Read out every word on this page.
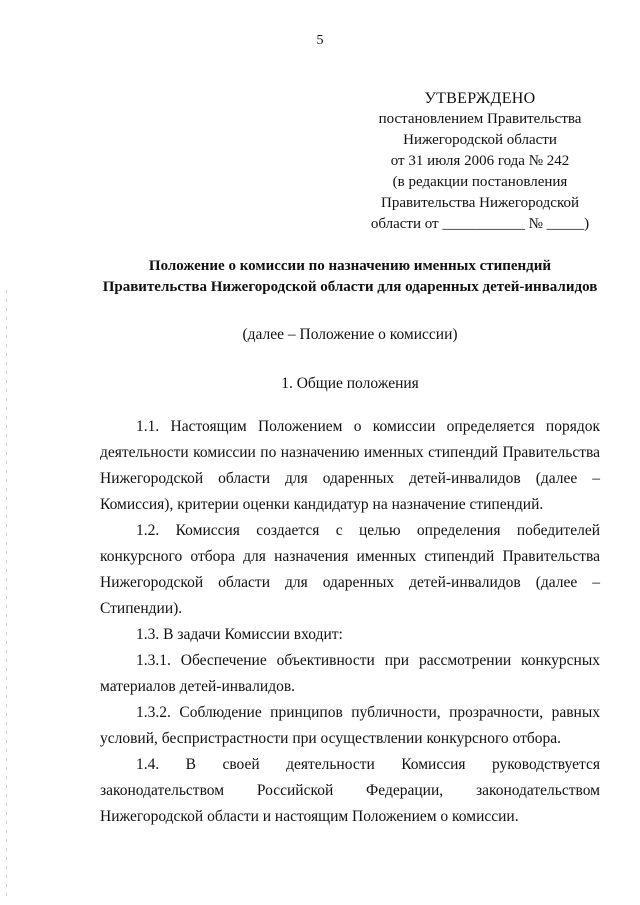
5
УТВЕРЖДЕНО
постановлением Правительства
Нижегородской области
от 31 июля 2006 года № 242
(в редакции постановления
Правительства Нижегородской
области от ___________ № _____)
Положение о комиссии по назначению именных стипендий
Правительства Нижегородской области для одаренных детей-инвалидов
(далее – Положение о комиссии)
1. Общие положения

1.1. Настоящим Положением о комиссии определяется порядок деятельности комиссии по назначению именных стипендий Правительства Нижегородской области для одаренных детей-инвалидов (далее – Комиссия), критерии оценки кандидатур на назначение стипендий.

1.2. Комиссия создается с целью определения победителей конкурсного отбора для назначения именных стипендий Правительства Нижегородской области для одаренных детей-инвалидов (далее – Стипендии).

1.3. В задачи Комиссии входит:

1.3.1. Обеспечение объективности при рассмотрении конкурсных материалов детей-инвалидов.

1.3.2. Соблюдение принципов публичности, прозрачности, равных условий, беспристрастности при осуществлении конкурсного отбора.

1.4. В своей деятельности Комиссия руководствуется
законодательством Российской Федерации, законодательством
Нижегородской области и настоящим Положением о комиссии.
